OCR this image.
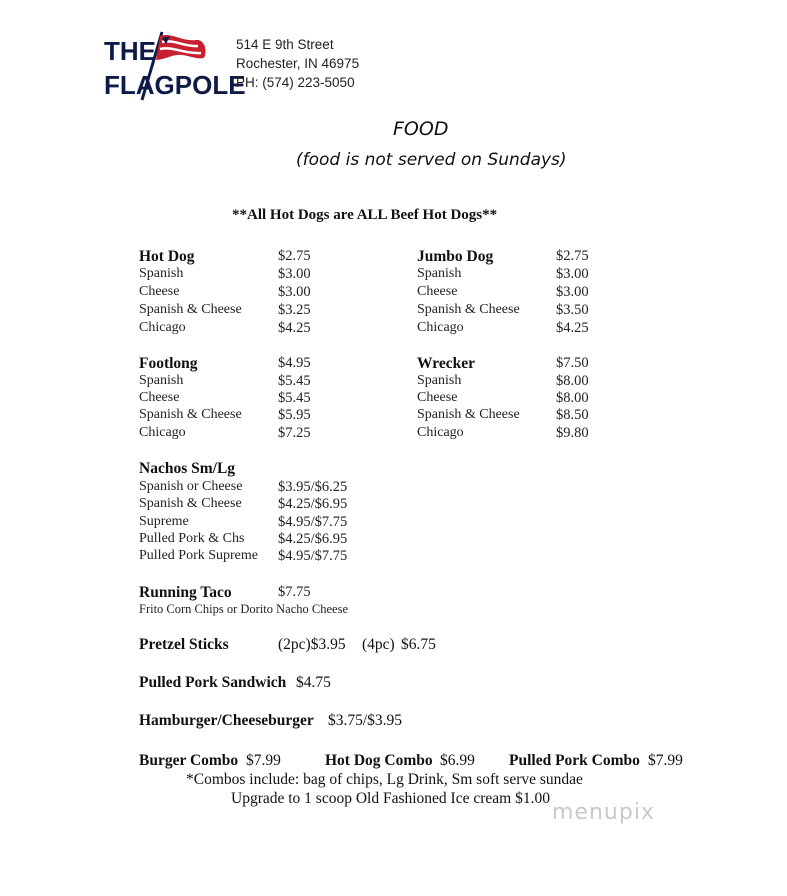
THE
FLAGPOLE
514 E 9th Street
Rochester, IN 46975
PH: (574) 223-5050
FOOD
(food is not served on Sundays)
**All Hot Dogs are ALL Beef Hot Dogs**
Hot Dog	$2.75
Spanish	$3.00
Cheese	$3.00
Spanish & Cheese	$3.25
Chicago	$4.25
Jumbo Dog	$2.75
Spanish	$3.00
Cheese	$3.00
Spanish & Cheese	$3.50
Chicago	$4.25
Footlong	$4.95
Spanish	$5.45
Cheese	$5.45
Spanish & Cheese	$5.95
Chicago	$7.25
Wrecker	$7.50
Spanish	$8.00
Cheese	$8.00
Spanish & Cheese	$8.50
Chicago	$9.80
Nachos Sm/Lg
Spanish or Cheese $3.95/$6.25
Spanish & Cheese	$4.25/$6.95
Supreme	$4.95/$7.75
Pulled Pork & Chs $4.25/$6.95
Pulled Pork Supreme $4.95/$7.75
Running Taco	$7.75
Frito Corn Chips or Dorito Nacho Cheese
Pretzel Sticks	(2pc)$3.95 (4pc) $6.75
Pulled Pork Sandwich $4.75
Hamburger/Cheeseburger $3.75/$3.95
Burger Combo $7.99	Hot Dog Combo $6.99 Pulled Pork Combo $7.99
*Combos include: bag of chips, Lg Drink, Sm soft serve sundae
Upgrade to 1 scoop Old Fashioned Ice cream $1.00
menupix
